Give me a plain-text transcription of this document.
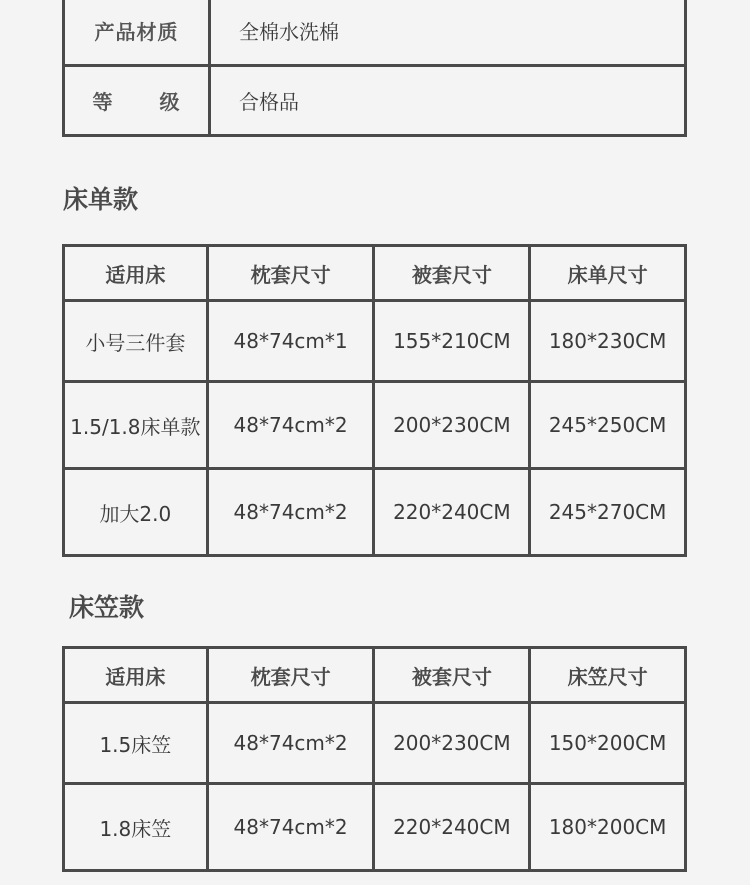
产品材质	全棉水洗棉
等 级	合格品
床单款
适用床	枕套尺寸	被套尺寸	床单尺寸
小号三件套	48*74cm*1	155*210CM	180*230CM
1.5/1.8床单款	48*74cm*2	200*230CM	245*250CM
加大2.0	48*74cm*2	220*240CM	245*270CM
床笠款
适用床	枕套尺寸	被套尺寸	床笠尺寸
1.5床笠	48*74cm*2	200*230CM	150*200CM
1.8床笠	48*74cm*2	220*240CM	180*200CM
